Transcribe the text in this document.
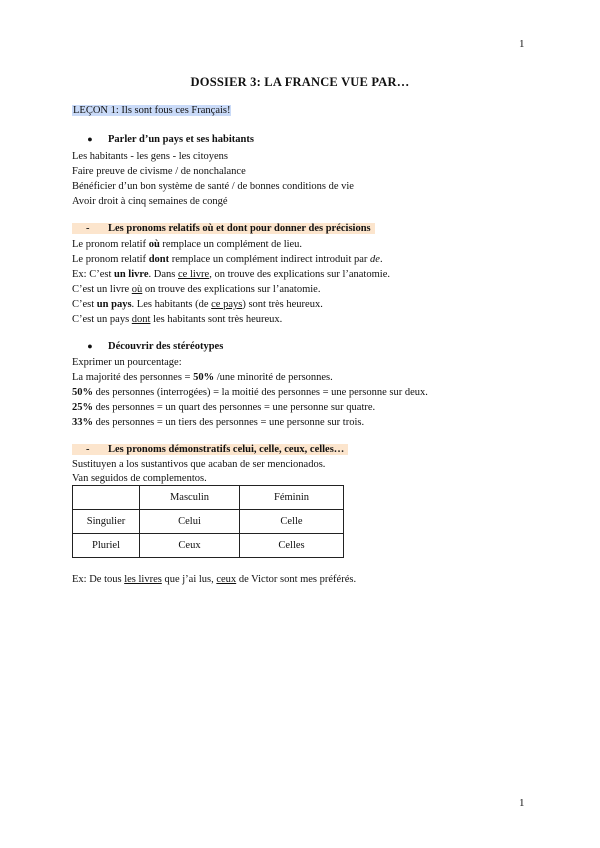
1
DOSSIER 3: LA FRANCE VUE PAR…
LEÇON 1: Ils sont fous ces Français!
● Parler d’un pays et ses habitants
Les habitants - les gens - les citoyens
Faire preuve de civisme / de nonchalance
Bénéficier d’un bon système de santé / de bonnes conditions de vie
Avoir droit à cinq semaines de congé
- Les pronoms relatifs où et dont pour donner des précisions
Le pronom relatif où remplace un complément de lieu.
Le pronom relatif dont remplace un complément indirect introduit par de.
Ex: C’est un livre. Dans ce livre, on trouve des explications sur l’anatomie.
C’est un livre où on trouve des explications sur l’anatomie.
C’est un pays. Les habitants (de ce pays) sont très heureux.
C’est un pays dont les habitants sont très heureux.
● Découvrir des stéréotypes
Exprimer un pourcentage:
La majorité des personnes = 50% /une minorité de personnes.
50% des personnes (interrogées) = la moitié des personnes = une personne sur deux.
25% des personnes = un quart des personnes = une personne sur quatre.
33% des personnes = un tiers des personnes = une personne sur trois.
- Les pronoms démonstratifs celui, celle, ceux, celles…
Sustituyen a los sustantivos que acaban de ser mencionados.
Van seguidos de complementos.
	Masculin	Féminin
Singulier	Celui	Celle
Pluriel	Ceux	Celles
Ex: De tous les livres que j’ai lus, ceux de Victor sont mes préférés.
1
